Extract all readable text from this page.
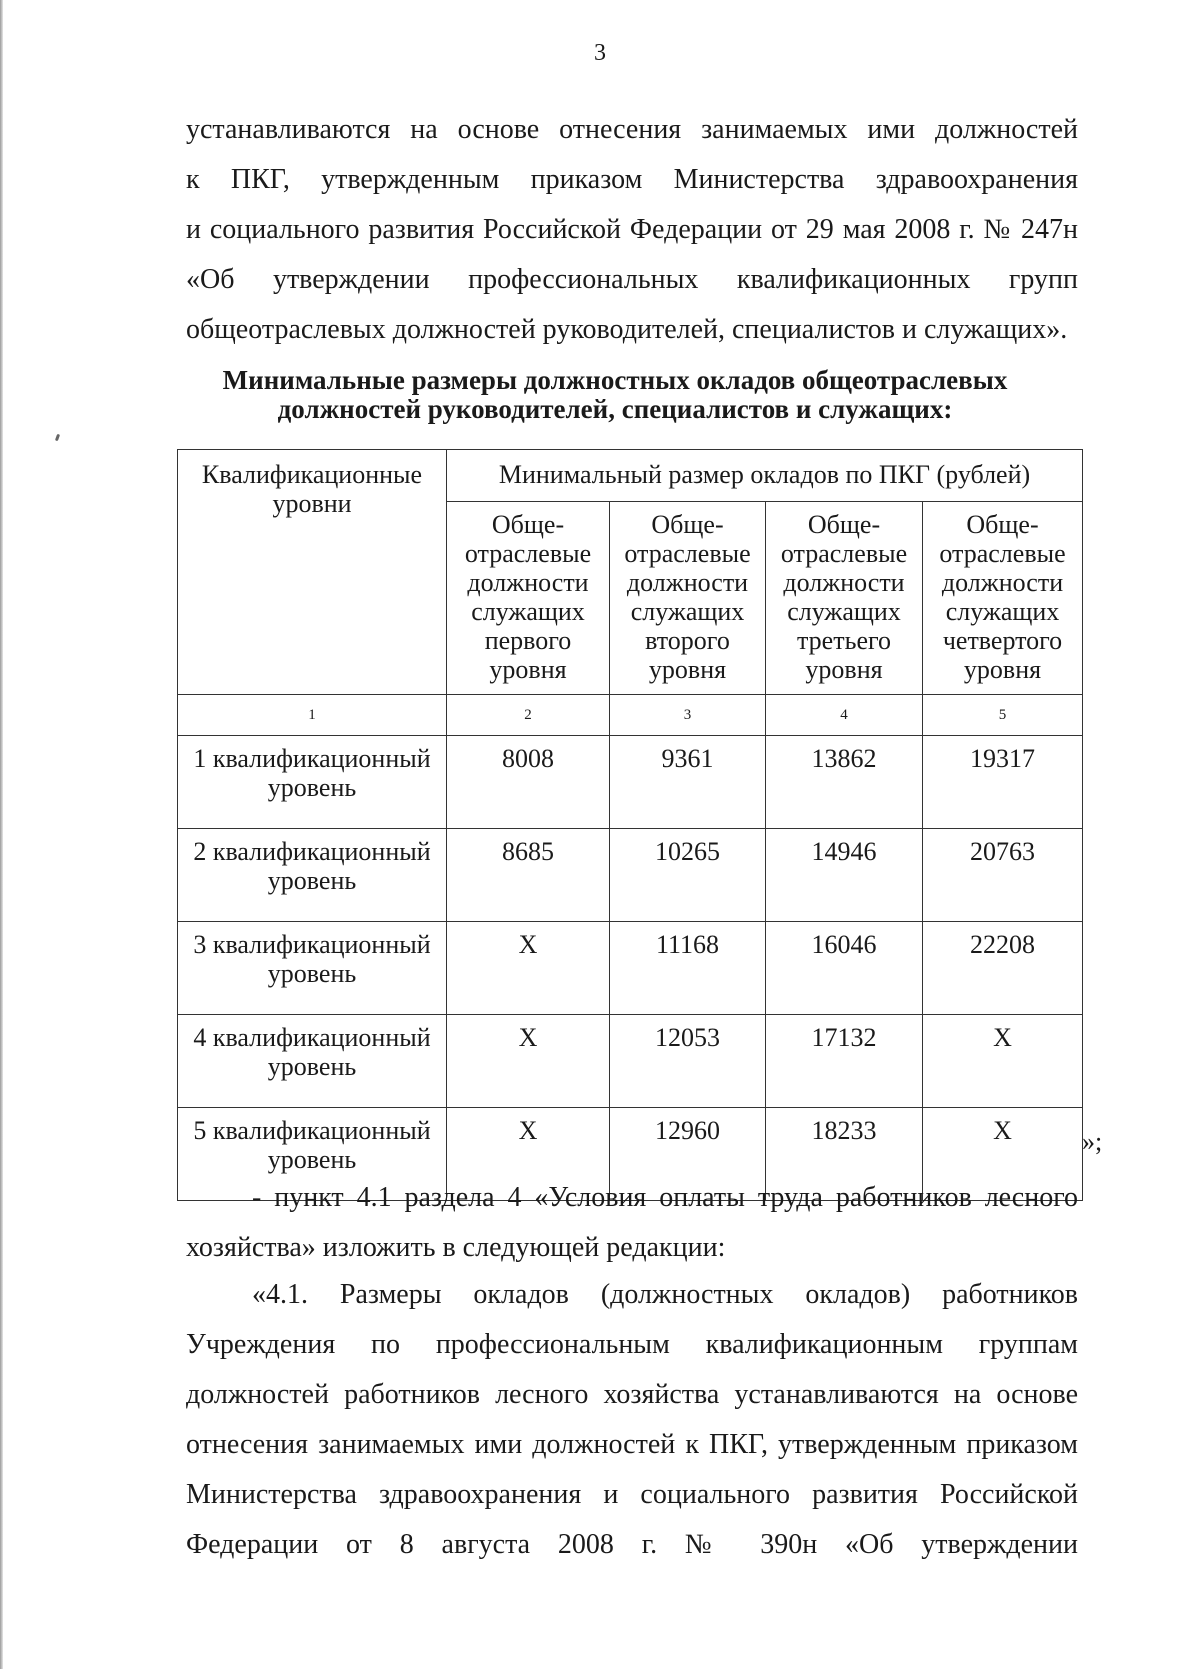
3
устанавливаются на основе отнесения занимаемых ими должностей
к ПКГ, утвержденным приказом Министерства здравоохранения
и социального развития Российской Федерации от 29 мая 2008 г. № 247н
«Об утверждении профессиональных квалификационных групп
общеотраслевых должностей руководителей, специалистов и служащих».
Минимальные размеры должностных окладов общеотраслевых
должностей руководителей, специалистов и служащих:
Квалификационные уровни	Минимальный размер окладов по ПКГ (рублей)			
	Обще-отраслевые должности служащих первого уровня	Обще-отраслевые должности служащих второго уровня	Обще-отраслевые должности служащих третьего уровня	Обще-отраслевые должности служащих четвертого уровня
1	2	3	4	5
1 квалификационный уровень	8008	9361	13862	19317
2 квалификационный уровень	8685	10265	14946	20763
3 квалификационный уровень	Х	11168	16046	22208
4 квалификационный уровень	Х	12053	17132	Х
5 квалификационный уровень	Х	12960	18233	Х	»;
- пункт 4.1 раздела 4 «Условия оплаты труда работников лесного
хозяйства» изложить в следующей редакции:
«4.1. Размеры окладов (должностных окладов) работников
Учреждения по профессиональным квалификационным группам
должностей работников лесного хозяйства устанавливаются на основе
отнесения занимаемых ими должностей к ПКГ, утвержденным приказом
Министерства здравоохранения и социального развития Российской
Федерации от 8 августа 2008 г. № 390н «Об утверждении
